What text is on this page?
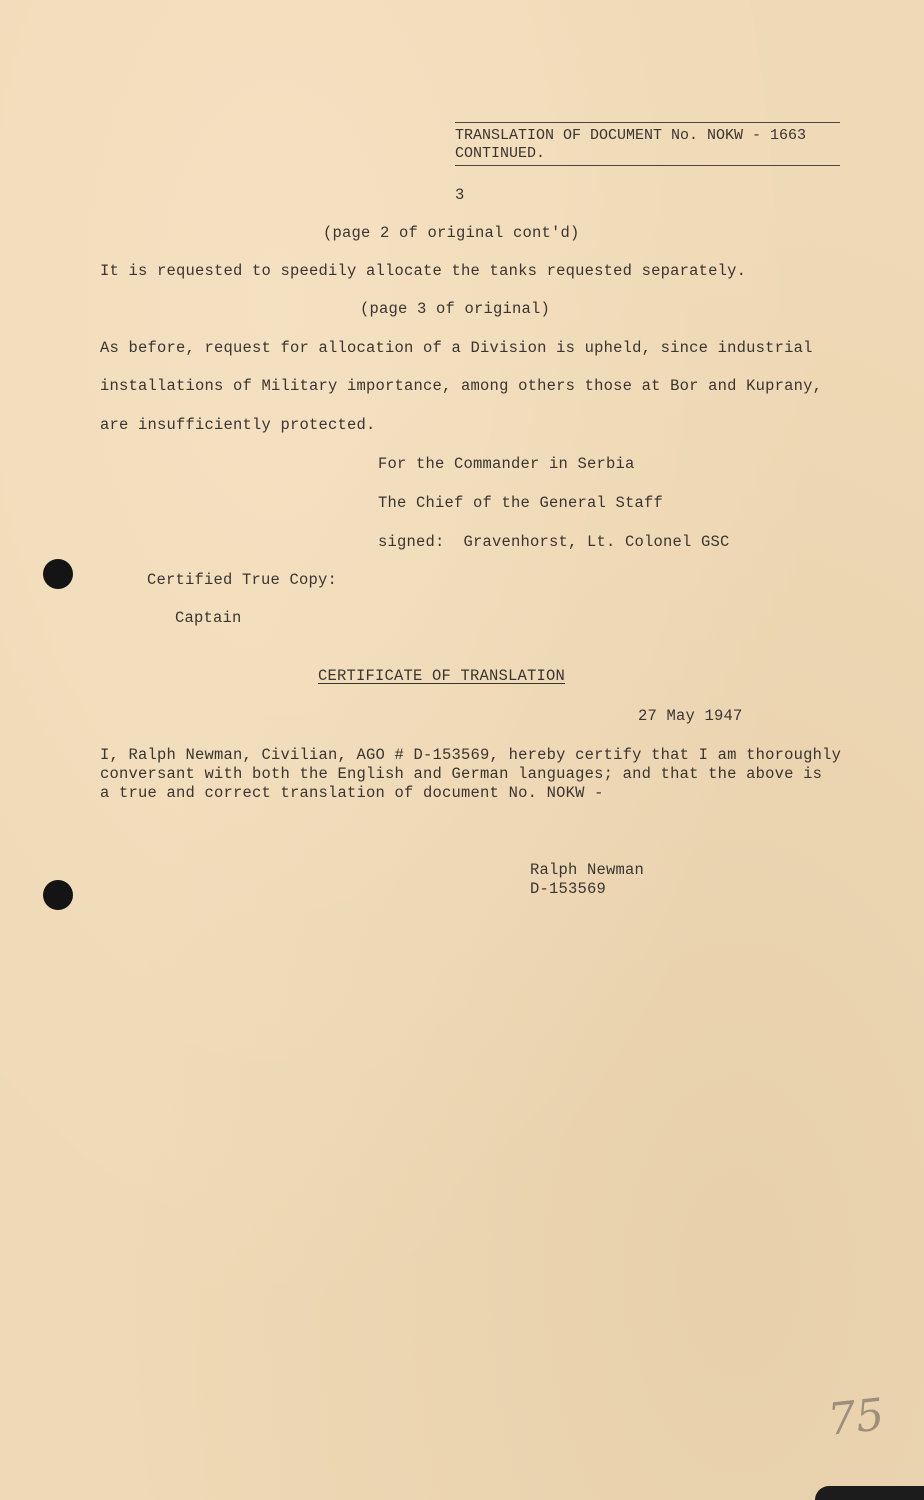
TRANSLATION OF DOCUMENT No. NOKW - 1663
CONTINUED.
3
(page 2 of original cont'd)
It is requested to speedily allocate the tanks requested separately.
(page 3 of original)
As before, request for allocation of a Division is upheld, since industrial
installations of Military importance, among others those at Bor and Kuprany,
are insufficiently protected.
For the Commander in Serbia
The Chief of the General Staff
signed:  Gravenhorst, Lt. Colonel GSC
Certified True Copy:
Captain
CERTIFICATE OF TRANSLATION
27 May 1947
I, Ralph Newman, Civilian, AGO # D-153569, hereby certify that I am thoroughly
conversant with both the English and German languages; and that the above is
a true and correct translation of document No. NOKW -
Ralph Newman
D-153569
75
